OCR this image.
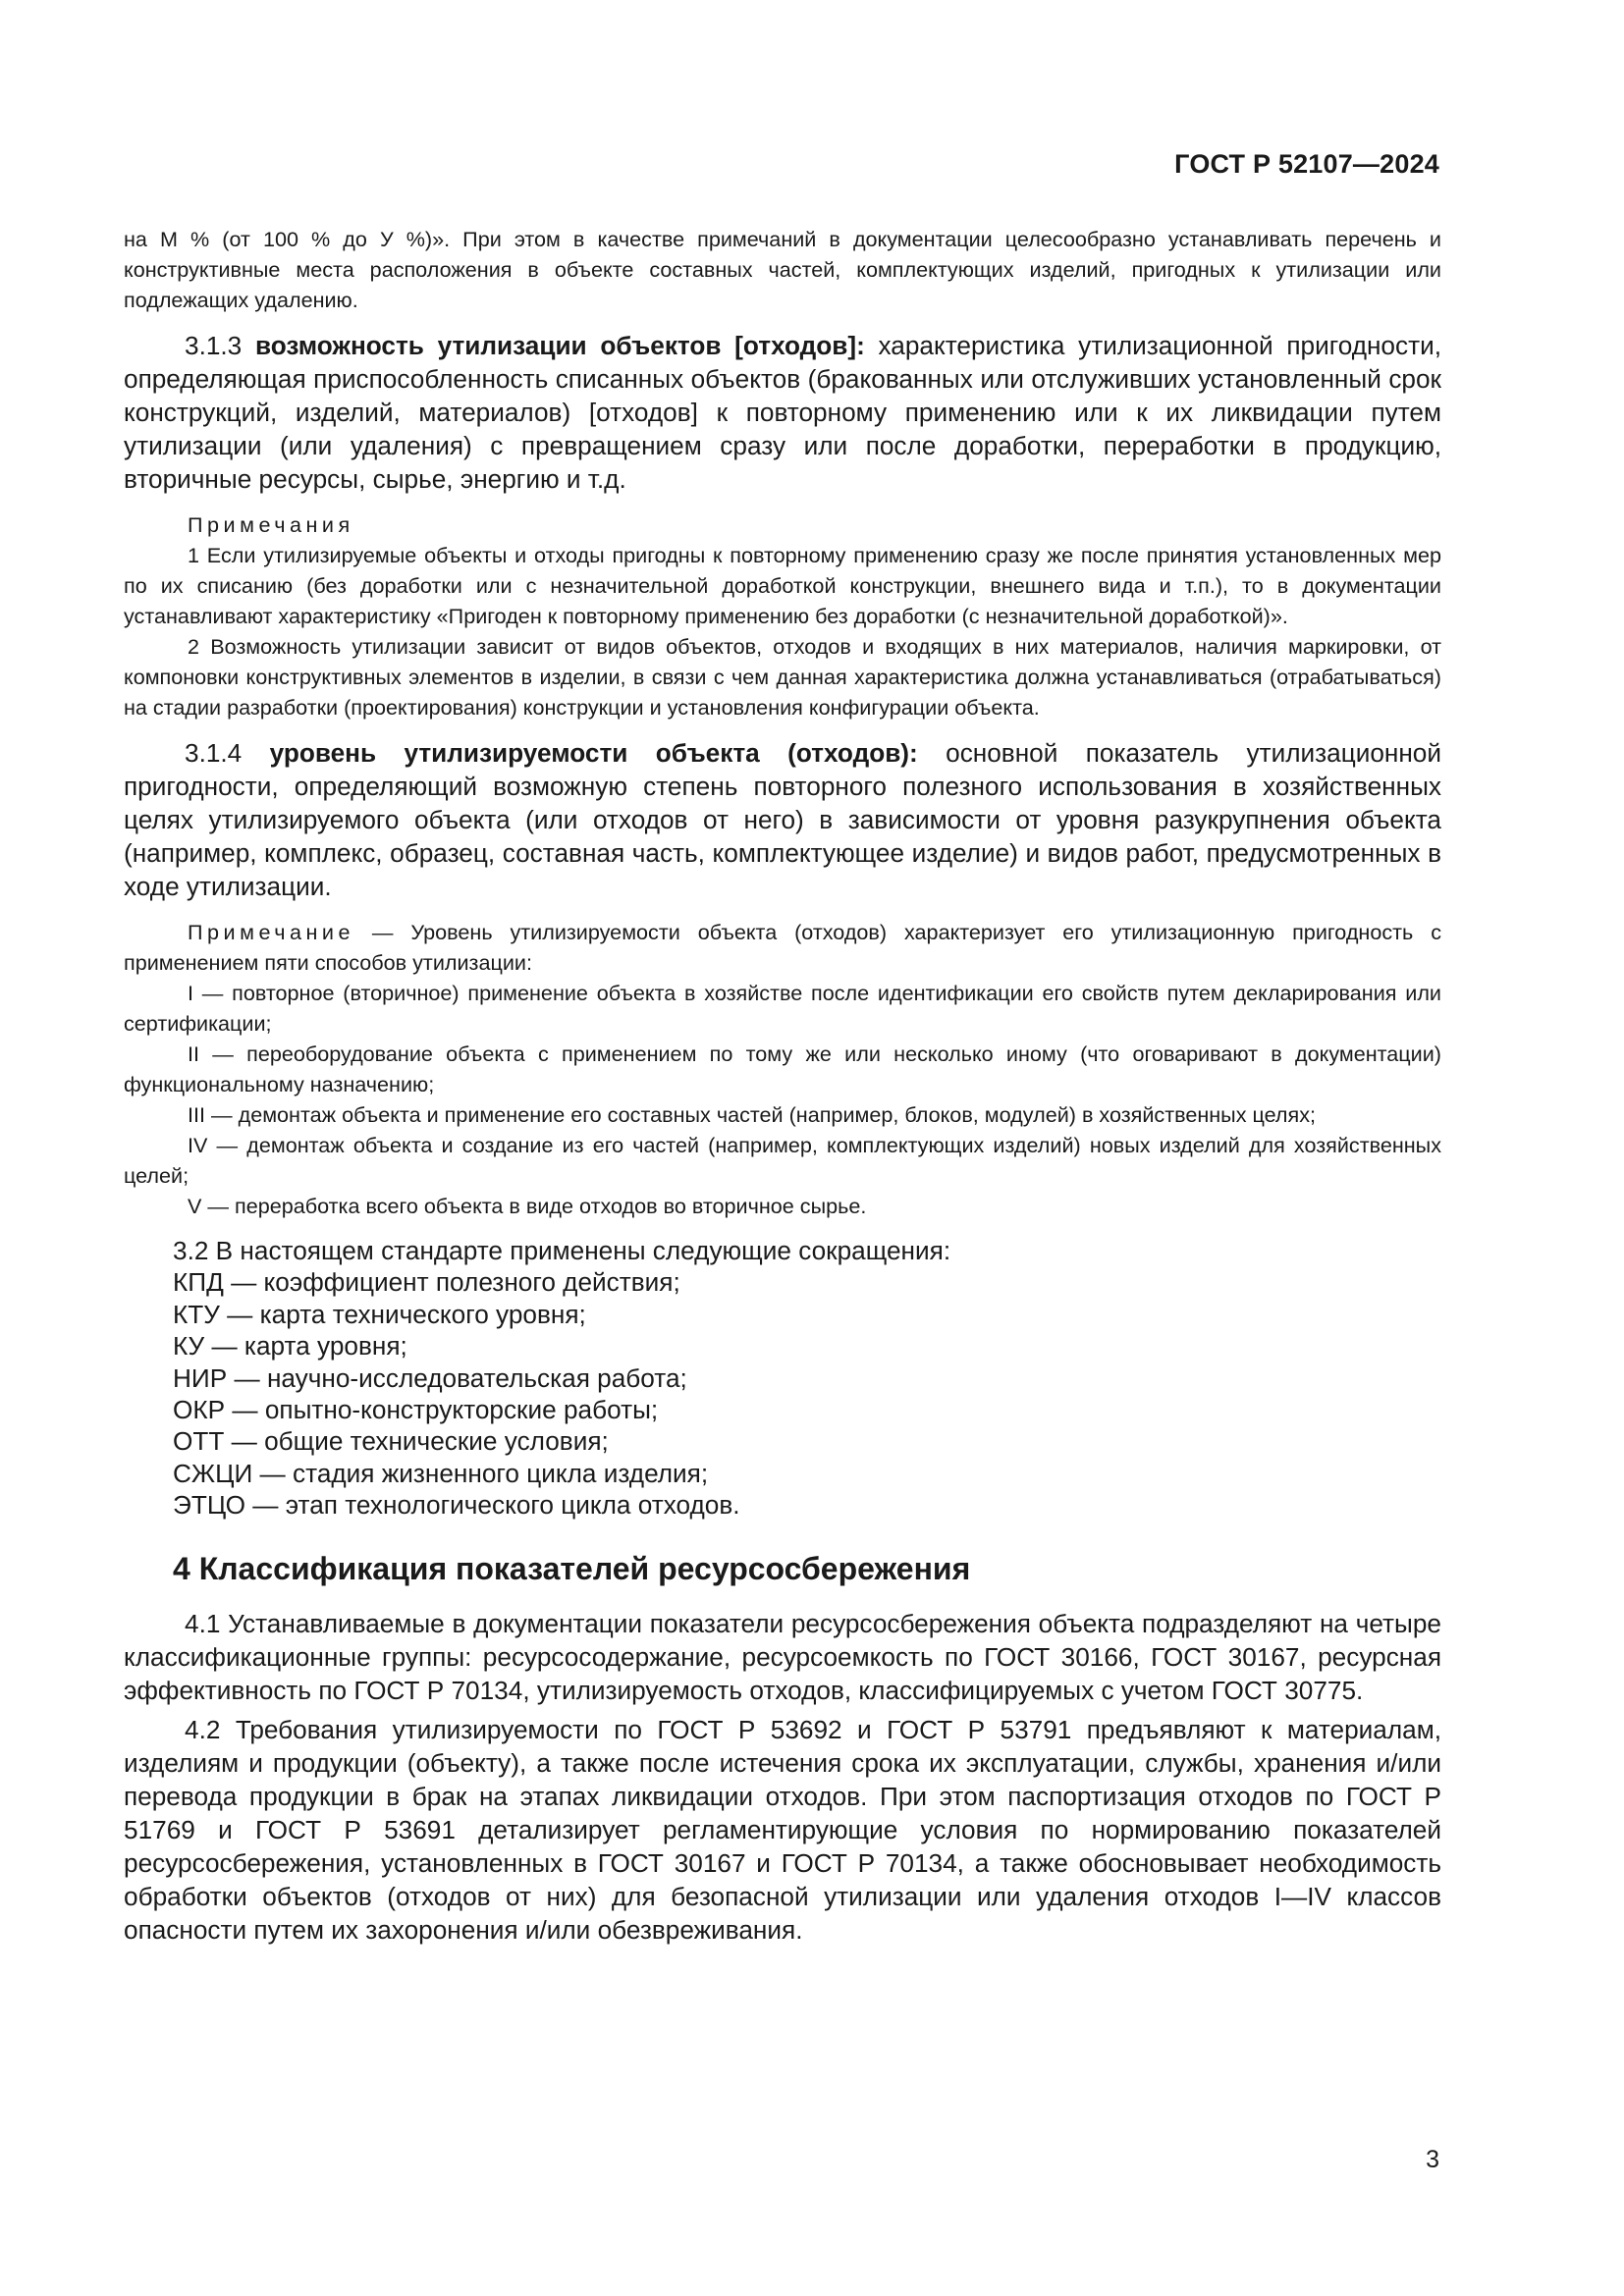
ГОСТ Р 52107—2024

на М % (от 100 % до У %)». При этом в качестве примечаний в документации целесообразно устанавливать перечень и конструктивные места расположения в объекте составных частей, комплектующих изделий, пригодных к утилизации или подлежащих удалению.

3.1.3 возможность утилизации объектов [отходов]: характеристика утилизационной пригодности, определяющая приспособленность списанных объектов (бракованных или отслуживших установленный срок конструкций, изделий, материалов) [отходов] к повторному применению или к их ликвидации путем утилизации (или удаления) с превращением сразу или после доработки, переработки в продукцию, вторичные ресурсы, сырье, энергию и т.д.

Примечания

1 Если утилизируемые объекты и отходы пригодны к повторному применению сразу же после принятия установленных мер по их списанию (без доработки или с незначительной доработкой конструкции, внешнего вида и т.п.), то в документации устанавливают характеристику «Пригоден к повторному применению без доработки (с незначительной доработкой)».

2 Возможность утилизации зависит от видов объектов, отходов и входящих в них материалов, наличия маркировки, от компоновки конструктивных элементов в изделии, в связи с чем данная характеристика должна устанавливаться (отрабатываться) на стадии разработки (проектирования) конструкции и установления конфигурации объекта.

3.1.4 уровень утилизируемости объекта (отходов): основной показатель утилизационной пригодности, определяющий возможную степень повторного полезного использования в хозяйственных целях утилизируемого объекта (или отходов от него) в зависимости от уровня разукрупнения объекта (например, комплекс, образец, составная часть, комплектующее изделие) и видов работ, предусмотренных в ходе утилизации.

Примечание — Уровень утилизируемости объекта (отходов) характеризует его утилизационную пригодность с применением пяти способов утилизации:

I — повторное (вторичное) применение объекта в хозяйстве после идентификации его свойств путем декларирования или сертификации;

II — переоборудование объекта с применением по тому же или несколько иному (что оговаривают в документации) функциональному назначению;

III — демонтаж объекта и применение его составных частей (например, блоков, модулей) в хозяйственных целях;

IV — демонтаж объекта и создание из его частей (например, комплектующих изделий) новых изделий для хозяйственных целей;

V — переработка всего объекта в виде отходов во вторичное сырье.

3.2 В настоящем стандарте применены следующие сокращения:
КПД — коэффициент полезного действия;
КТУ — карта технического уровня;
КУ — карта уровня;
НИР — научно-исследовательская работа;
ОКР — опытно-конструкторские работы;
ОТТ — общие технические условия;
СЖЦИ — стадия жизненного цикла изделия;
ЭТЦО — этап технологического цикла отходов.
4 Классификация показателей ресурсосбережения

4.1 Устанавливаемые в документации показатели ресурсосбережения объекта подразделяют на четыре классификационные группы: ресурсосодержание, ресурсоемкость по ГОСТ 30166, ГОСТ 30167, ресурсная эффективность по ГОСТ Р 70134, утилизируемость отходов, классифицируемых с учетом ГОСТ 30775.

4.2 Требования утилизируемости по ГОСТ Р 53692 и ГОСТ Р 53791 предъявляют к материалам, изделиям и продукции (объекту), а также после истечения срока их эксплуатации, службы, хранения и/или перевода продукции в брак на этапах ликвидации отходов. При этом паспортизация отходов по ГОСТ Р 51769 и ГОСТ Р 53691 детализирует регламентирующие условия по нормированию показателей ресурсосбережения, установленных в ГОСТ 30167 и ГОСТ Р 70134, а также обосновывает необходимость обработки объектов (отходов от них) для безопасной утилизации или удаления отходов I—IV классов опасности путем их захоронения и/или обезвреживания.

3
